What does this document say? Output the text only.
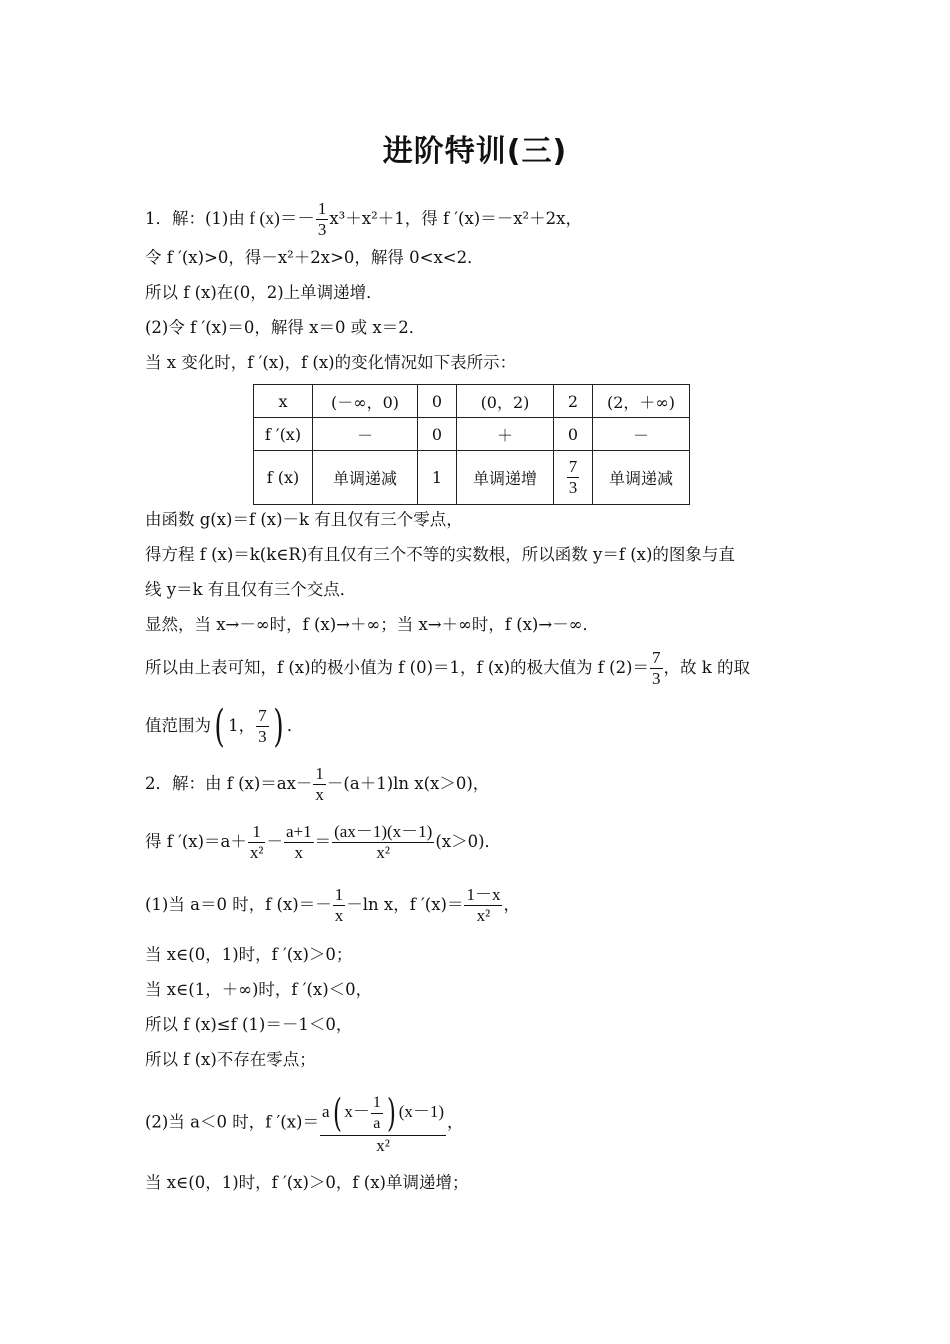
进阶特训(三)
1．解：(1)由 f $(x)=- \frac{1}{3} x^3+x^2+1$，得 f ′(x)＝－x²＋2x，
令 f ′(x)>0，得－x²＋2x>0，解得 0<x<2．
所以 f (x)在(0，2)上单调递增．
(2)令 f ′(x)＝0，解得 x＝0 或 x＝2．
当 x 变化时，f ′(x)，f (x)的变化情况如下表所示：
x	(－∞，0)	0	(0，2)	2	(2，＋∞)
f ′(x)	－	0	＋	0	－
f (x)	单调递减	1	单调递增	$\frac{7}{3}$	单调递减
由函数 g(x)＝f (x)－k 有且仅有三个零点，
得方程 f (x)＝k(k∈R)有且仅有三个不等的实数根，所以函数 y＝f (x)的图象与直
线 y＝k 有且仅有三个交点．
显然，当 x→－∞时，f (x)→＋∞；当 x→＋∞时，f (x)→－∞．
所以由上表可知，f (x)的极小值为 f (0)＝1，f (x)的极大值为 f $(2)= \frac{7}{3}$ ，故 k 的取
值范围为( 1， $\frac{7}{3}$ ) ．
2．解：由 f $(x)=ax- \frac{1}{x} -(a+1)\ln$ x(x＞0)，
得 f $'(x)=a+ \frac{1}{\text{x²}} - \frac{a+1}{x} = \frac{(ax-1)(x-1)}{\text{x²}} (x>0)$．
(1)当 a＝0 时，f $(x)=- \frac{1}{x} -\ln$ x，f $'(x)= \frac{1-x}{\text{x²}}$ ，
当 x∈(0，1)时，f ′(x)＞0；
当 x∈(1，＋∞)时，f ′(x)＜0，
所以 f (x)≤f (1)＝－1＜0，
所以 f (x)不存在零点；
(2)当 a＜0 时，f $'(x)= \frac{a( x- \frac{1}{a} ) (x-1)}{\text{x²}}$ ，
当 x∈(0，1)时，f ′(x)＞0，f (x)单调递增；
